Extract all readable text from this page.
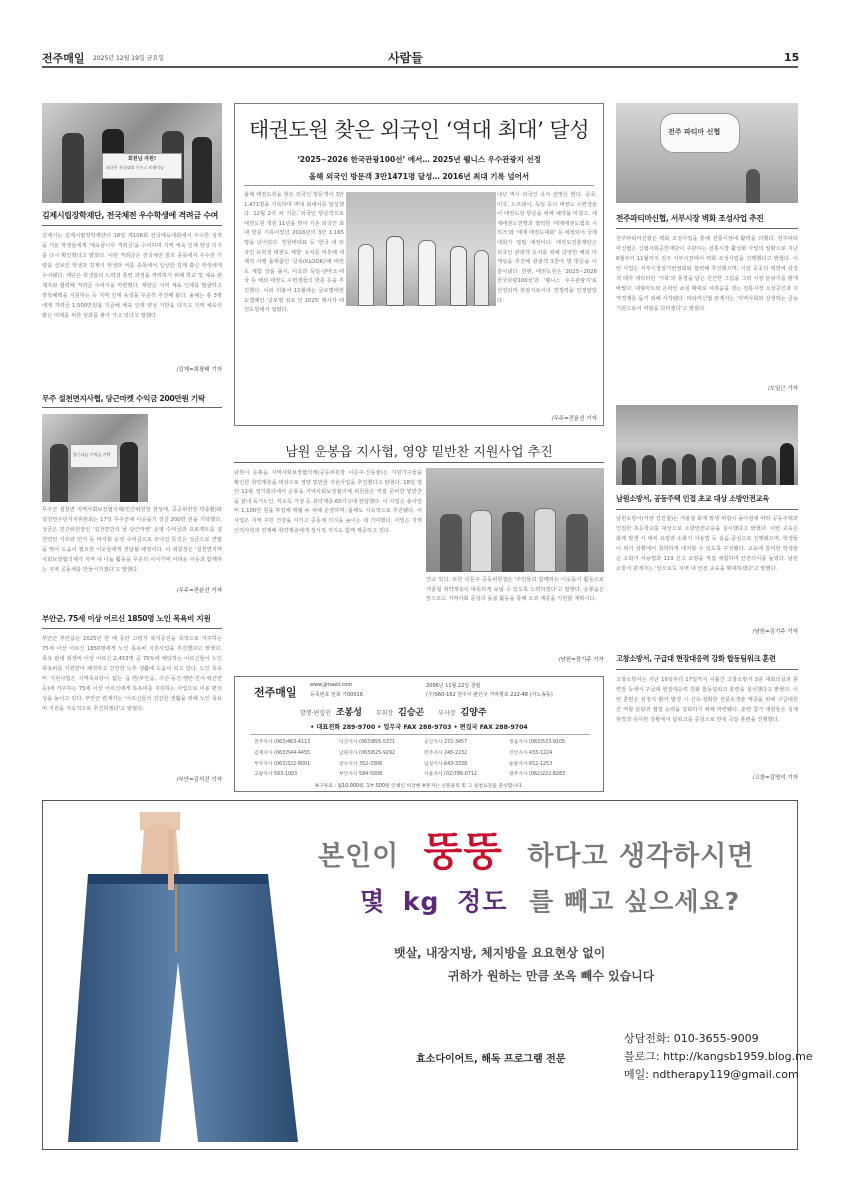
전주매일 2025년 12월 19일 금요일	사람들	15
회원님 자원!
외국인 전국대회 수우스 트레이닝
김제시립장학재단, 전국체전 우수학생에 격려금 수여
김제시는 김제시립장학재단이 18일 제106회 전국체육대회에서 우수한 성적을 거둔 학생들에게 '체육꿈나무 격려금'을 수여하며 지역 체육 인재 양성 의지를 다시 확인했다고 밝혔다. 이번 격려금은 전국체전 골프 종목에서 우수한 기량을 선보인 학생과 김제의 학생과 씨름 종목에서 입상한 김제 출신 학생에게 수여됐다. 재단은 학생들의 노력과 훈련 과정을 격려하기 위해 학교 및 체육 관계자와 협력해 격려금 수여식을 마련했다. 재단은 지역 체육 인재를 발굴하고 장학혜택을 지원하는 등 지역 인재 육성을 꾸준히 추진해 왔다. 올해는 총 3명에게 격려금 1,500만원을 지급해 체육 인재 양성 기반을 다지고 지역 체육의 밝은 미래를 위한 성과를 쌓아 가고 있다고 말했다.
/김제=최광태 기자
무주 설천면지사협, 당근마켓 수익금 200만원 기탁
당근나눔 수익금 기탁
무주군 설천면 지역사회보장협의체(민간위원장 천성태, 공공위원장 박종환)와 설천면주민자치위원회는 17일 무주군에 이웃돕기 성금 200만 원을 기탁했다. 성금은 민간위원장인 '설천면민의 날 당근마켓' 운영 수익금과 프로젝트를 설천면민 기부와 먼지 등 바자회 운영 수익금으로 모아진 뜻깊은 성금으로 연말을 맞아 도움이 필요한 이웃들에게 전달될 예정이다. 이 위원장은 '설천면지역사회보장협의체가 지역 내 나눔 활동을 꾸준히 이어가며 어려운 이웃과 함께하는 지역 공동체를 만들어가겠다'고 말했다.
/무주=전윤선 기자
부안군, 75세 이상 어르신 1850명 노인 목욕비 지원
부안군 부안읍은 2025년 한 해 동안 고령자 복지증진을 목적으로 거주하는 75세 이상 어르신 1850명에게 노인 목욕비 지원사업을 추진했다고 밝혔다. 목욕 관내 위생비 이상 어르신 2,453명 중 75%에 해당하는 어르신들이 노인 목욕비를 지원받아 쾌적하고 건강한 노후 생활에 도움이 되고 있다. 노인 목욕비 지원사업은 지역목욕탕이 없는 읍·면(부안읍, 주산·동진·행안·진서·백산면 등)에 거주하는 75세 이상 어르신에게 목욕비를 지원하는 사업으로 이용 편의성을 높이고 있다. 부안군 관계자는 '어르신들의 건강한 생활을 위해 노인 목욕비 지원을 지속적으로 추진하겠다'고 밝혔다.
/부안=김석진 기자
태권도원 찾은 외국인 ‘역대 최대’ 달성
‘2025∼2026 한국관광100선’ 에서… 2025년 웰니스 우수관광지 선정
올해 외국인 방문객 3만1471명 달성… 2016년 최대 기록 넘어서
올해 태권도원을 찾은 외국인 방문객이 3만 1,471명을 기록하며 역대 최대치를 달성했다. 12월 2주 차 기준, 외국인 방문객으로 태권도원 개원 11년을 맞아 기존 외국인 최대 방문 기록이었던 2016년의 3만 1,165명을 넘어섰다. 정원태대표 등 '한국 내 외국인 유학생 태권도 체험' 유치를 비롯해 세계적 사행 플랫폼인 '클룩(KLOOK)'에 태권도 체험 상품 출시, 미국과 독일·덴마크·태국 등 해외 태권도 수련생들의 방문 등을 추진했다. 이외 더불어 11월에는 글로벌태권도캠페인 '글로벌 심포 인 2025' 행사가 태권도원에서 열렸다.
내년 역시 외국인 유치 전망은 밝다. 중국, 미국, 노르웨이, 독일 등의 태권도 수련생들이 태권도원 방문을 위해 예약을 마쳤고, 세계태권도연맹과 협력한 '세계태권도캠프 시리즈'와 '세계 태권도대회' 등 예정되어 국제대회가 열릴 예정이다. 태권도진흥재단은 외국인 관광객 유치를 위해 다양한 해외 마케팅을 추진해 관광객 3천여 명 방문을 이끌어냈다. 한편, 태권도원은 '2025~2026 한국관광100선'과 '웰니스 우수관광지'로 선정되며 관광지로서의 경쟁력을 인정받았다.
/무주=전윤선 기자
남원 운봉읍 지사협, 영양 밑반찬 지원사업 추진
남원시 운봉읍 지역사회보장협의체(공동위원장 이문주·신동율)는 지원가구들을 확인한 취약계층을 대상으로 영양 밑반찬 지원사업을 추진했다고 밝혔다. 18일 열린 12월 정기회의에서 운봉읍 지역사회보장협의체 위원들은 직접 준비한 밑반찬을 관내 독거노인, 저소득 가정 등 취약계층 60가구에 전달했다. 이 사업은 총사업비 1,100만 원을 투입해 매월 두 차례 운영하며, 올해도 지속적으로 추진됐다. 이 사업은 지역 주민 건강을 지키고 공동체 의식을 높이는 데 기여했다. 사업은 지역 인적자원과 연계해 취약계층에게 정서적 지지도 함께 제공하고 있다.
연교 있다. 또한 이문주 공동위원장은 '주민들과 함께하는 이웃돕기 활동으로 겨울철 취약계층이 따뜻하게 보낼 수 있도록 노력하겠다'고 말했다. 운봉읍은 앞으로도 지역사회 중심의 돌봄 활동을 통해 소외 계층을 지원할 계획이다.
/남원=장기주 기자
전주매일
www.jjmaeil.com
등록번호 전북 가00016
2006년 11월 22일 창립
(우)560-162 전주시 완산구 거마평로 222-48 (서노송동)
발행·편집인 조봉성 부회장 김승곤 부사장 김양주
• 대표전화 289-9700 • 업무국 FAX 288-9703 • 편집국 FAX 288-9704
전주지사 (063)463-4113	익산지사 (063)855-5371	군산지사 272-3457	정읍지사 (063)533-9105
김제지사 (063)544-4455	남원지사 (063)625-9292	완주지사 245-2232	진안지사 433-1224
무주지사 (063)322-8001	장수지사 352-3306	임실지사 643-3338	순창지사 652-1253
고창지사 563-1003	부안지사 584-5008	서울지사 (02)786-0712	광주지사 (062)222-8283
※구독료 : 월10,000원, 1부 500원 인쇄인 이상현 ※본지는 신문윤리 및 그 실천요강을 준수합니다.
전주 파티마 신협
전주파티마신협, 서부시장 벽화 조성사업 추진
전주파티마신협은 벽화 조성사업을 통해 전통시장에 활력을 더했다. 전주파티마신협은 신협사회공헌재단이 주관하는 전통시장 활성화 사업의 일환으로 지난 6월부터 11월까지 전주 서부시장에서 벽화 조성사업을 진행했다고 밝혔다. 이번 사업은 서부시장상가번영회와 협력해 추진했으며, 시장 곳곳의 벽면에 상징적 테마 캐릭터인 '거북'과 풍경을 담은 친근한 그림을 그려 시장 분위기를 밝게 바꿨다. 대형마트와 온라인 쇼핑 확대로 어려움을 겪는 전통시장 소상공인과 지역경제를 돕기 위해 시작됐다. 파티마신협 관계자는 '지역사회와 상생하는 금융기관으로서 역할을 다하겠다'고 밝혔다.
/오일근 기자
남원소방서, 공동주택 인접 초교 대상 소방안전교육
남원소방서(서장 김진철)는 겨울철 화재 발생 위험이 높아짐에 따라 공동주택과 인접한 초등학교를 대상으로 소방안전교육을 실시했다고 밝혔다. 이번 교육은 화재 발생 시 대피 요령과 소화기 사용법 등 실습 중심으로 진행됐으며, 학생들이 위기 상황에서 침착하게 대처할 수 있도록 구성됐다. 교육에 참여한 학생들은 소화기 사용법과 119 신고 요령을 직접 체험하며 안전의식을 높였다. 남원소방서 관계자는 '앞으로도 지역 내 안전 교육을 확대하겠다'고 말했다.
/남원=김기주 기자
고창소방서, 구급대 현장대응력 강화 합동팀워크 훈련
고창소방서는 지난 16일부터 17일까지 이틀간 고창소방서 3층 대회의실과 훈련장 등에서 구급대 현장대응력 강화 합동팀워크 훈련을 실시했다고 밝혔다. 이번 훈련은 심정지 환자 발생 시 신속·정확한 전문소생술 제공을 위해 구급대원 간 역할 분담과 협업 능력을 강화하기 위해 마련됐다. 훈련 참가 대원들은 실제 현장과 유사한 상황에서 팀워크를 중심으로 반복 숙달 훈련을 진행했다.
/고창=김명석 기자
본인이 뚱뚱 하다고 생각하시면
몇 kg 정도 를 빼고 싶으세요?
뱃살, 내장지방, 체지방을 요요현상 없이
귀하가 원하는 만큼 쏘옥 빼수 있습니다
효소다이어트, 해독 프로그램 전문
상담전화: 010-3655-9009
블로그: http://kangsb1959.blog.me
메일: ndtherapy119@gmail.com
